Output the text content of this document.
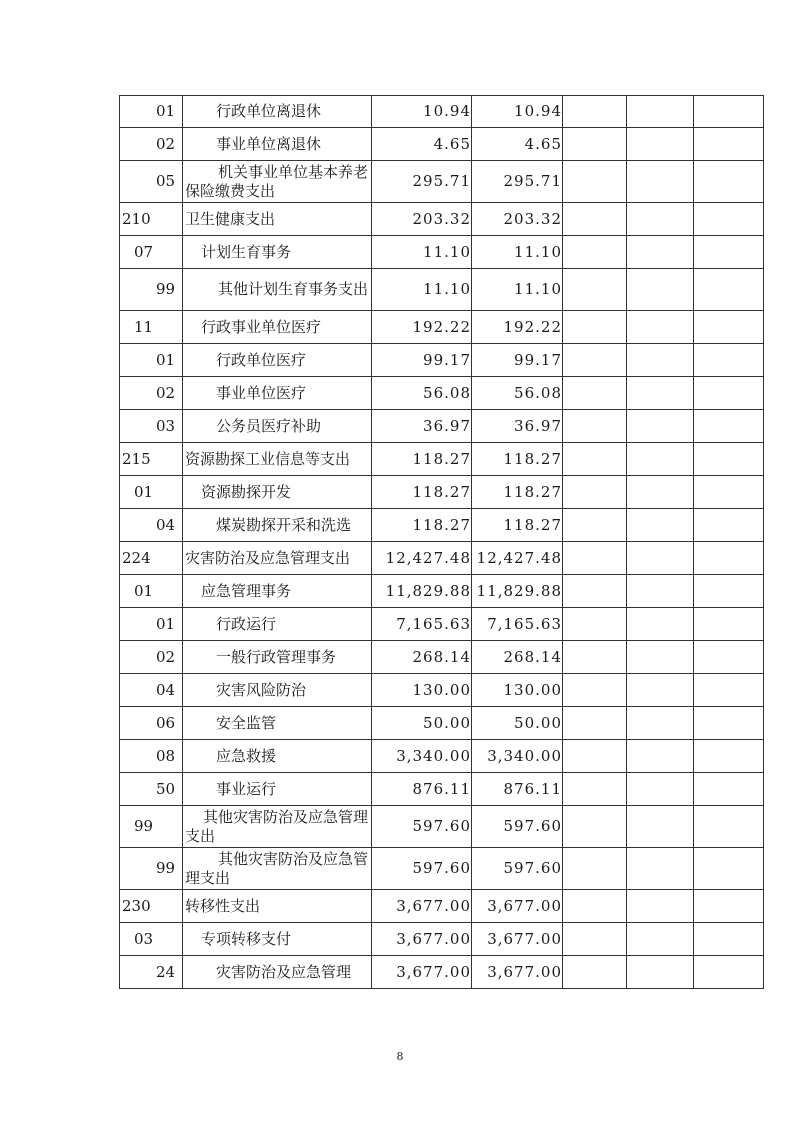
01	行政单位离退休	10.94	10.94			
02	事业单位离退休	4.65	4.65			
05	机关事业单位基本养老保险缴费支出	295.71	295.71			
210	卫生健康支出	203.32	203.32			
07	计划生育事务	11.10	11.10			
99	其他计划生育事务支出	11.10	11.10			
11	行政事业单位医疗	192.22	192.22			
01	行政单位医疗	99.17	99.17			
02	事业单位医疗	56.08	56.08			
03	公务员医疗补助	36.97	36.97			
215	资源勘探工业信息等支出	118.27	118.27			
01	资源勘探开发	118.27	118.27			
04	煤炭勘探开采和洗选	118.27	118.27			
224	灾害防治及应急管理支出	12,427.48	12,427.48			
01	应急管理事务	11,829.88	11,829.88			
01	行政运行	7,165.63	7,165.63			
02	一般行政管理事务	268.14	268.14			
04	灾害风险防治	130.00	130.00			
06	安全监管	50.00	50.00			
08	应急救援	3,340.00	3,340.00			
50	事业运行	876.11	876.11			
99	其他灾害防治及应急管理支出	597.60	597.60			
99	其他灾害防治及应急管理支出	597.60	597.60			
230	转移性支出	3,677.00	3,677.00			
03	专项转移支付	3,677.00	3,677.00			
24	灾害防治及应急管理	3,677.00	3,677.00			
8
